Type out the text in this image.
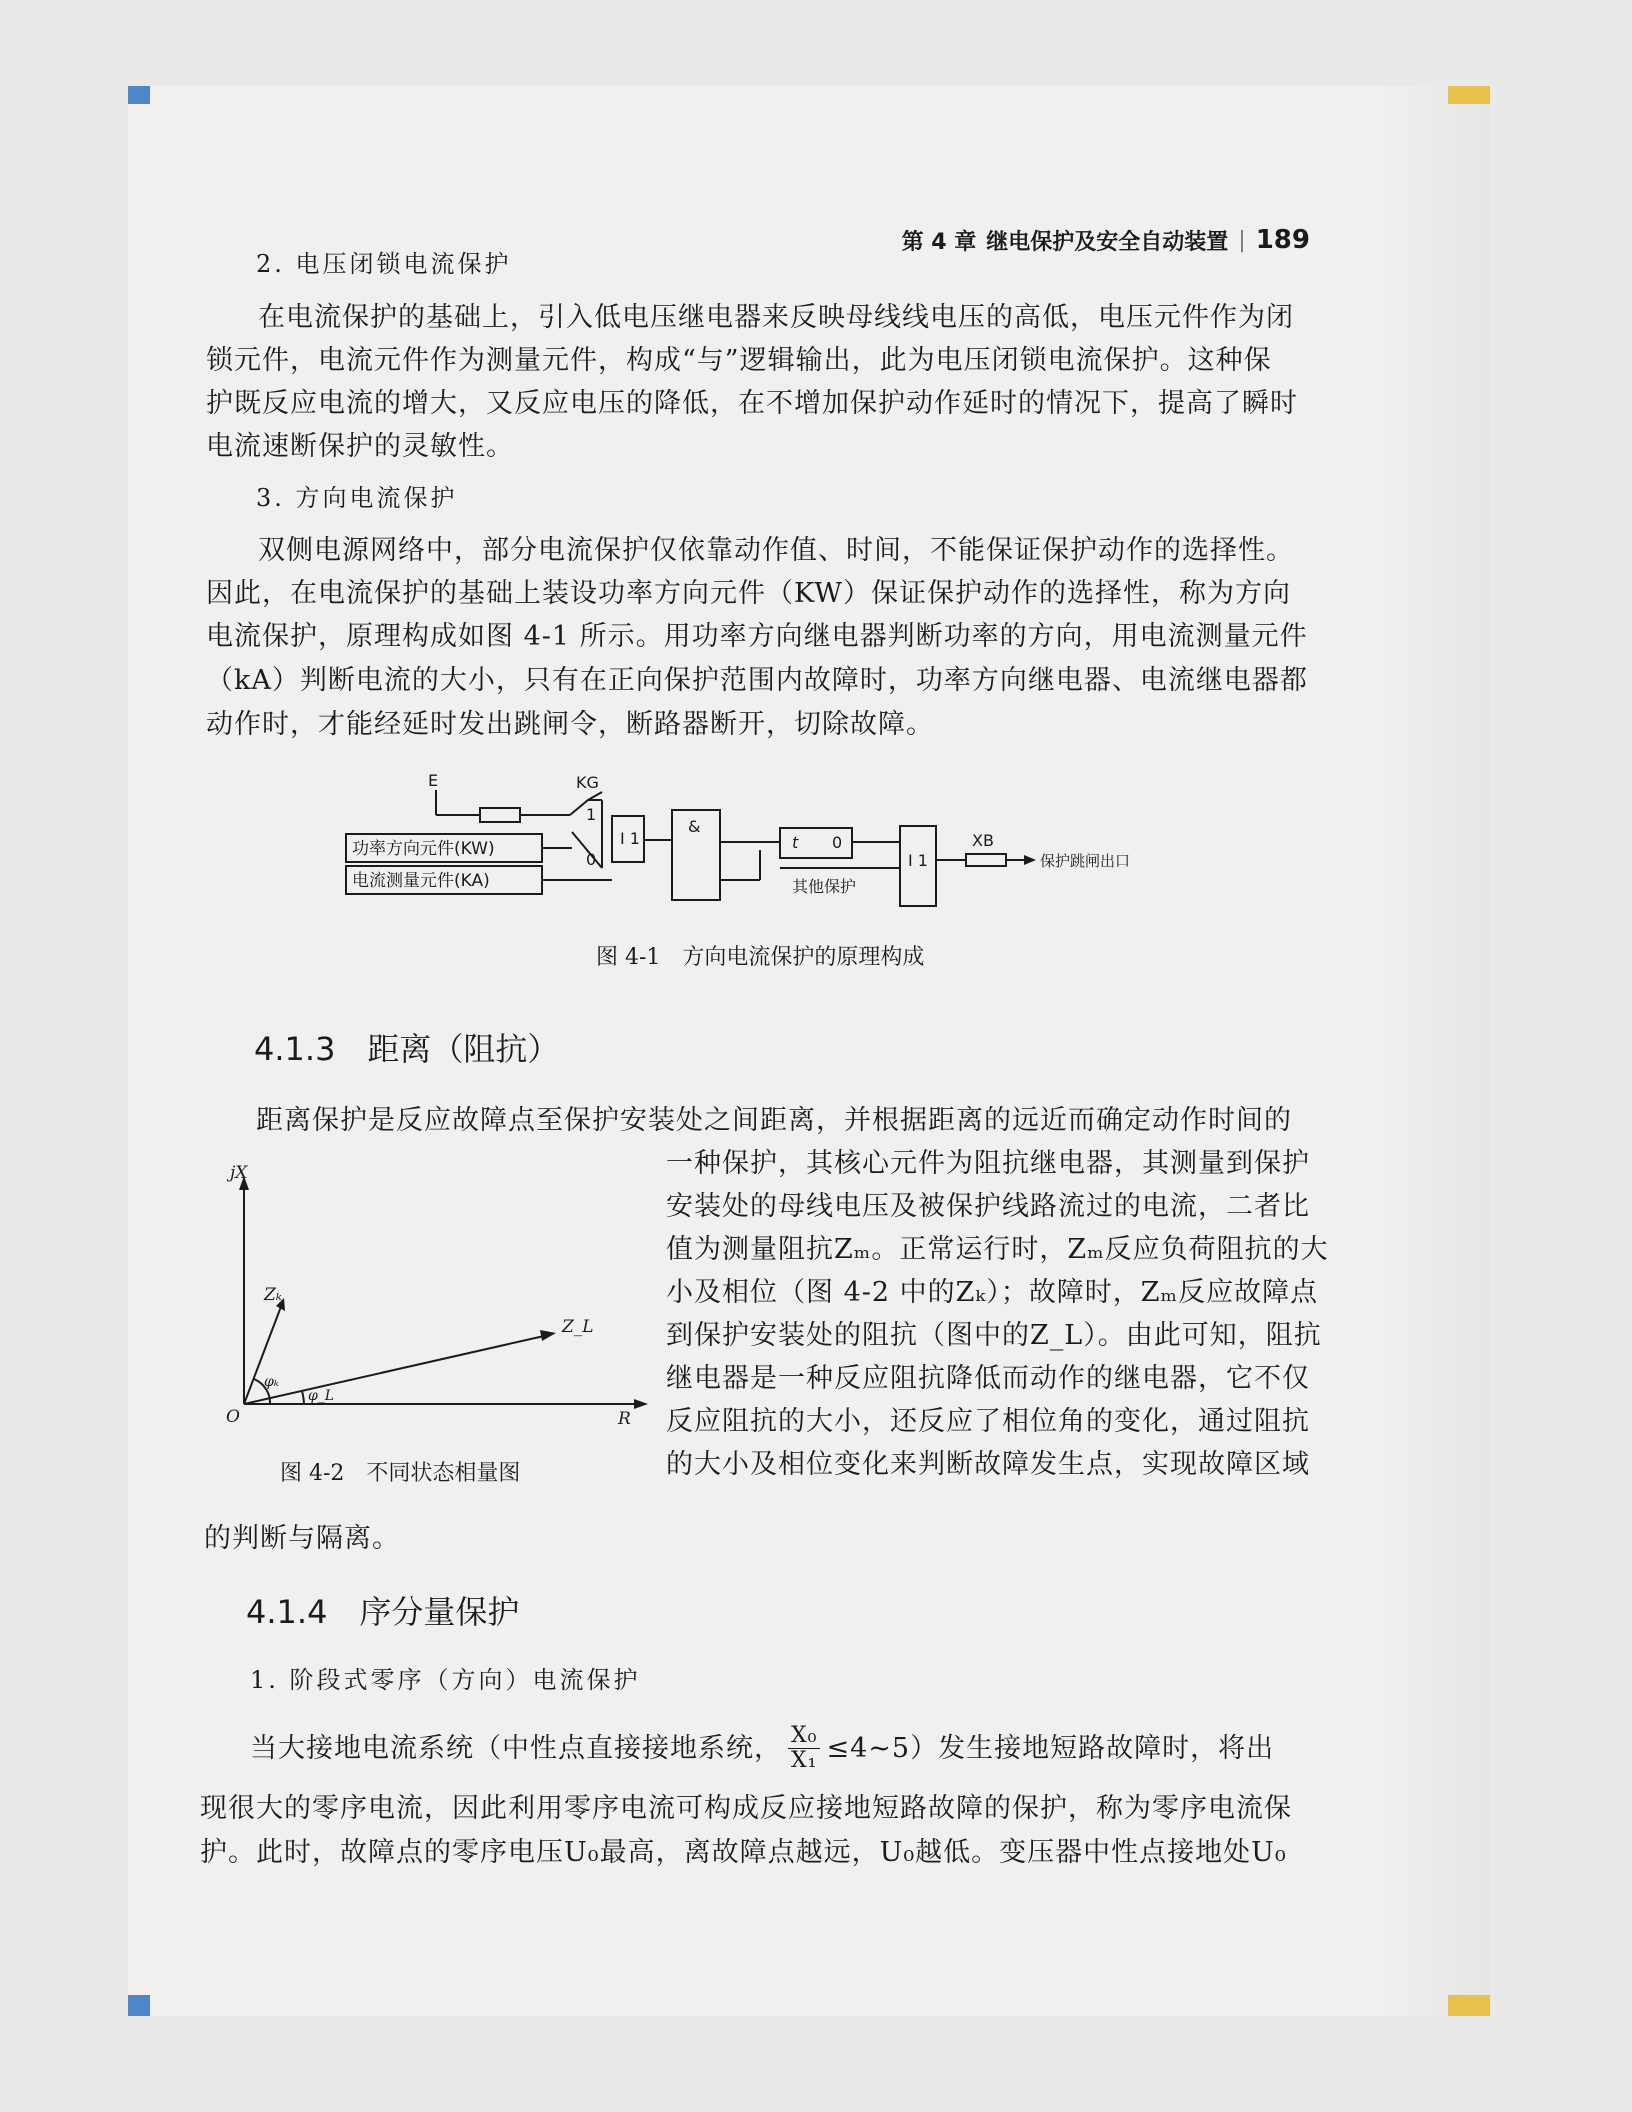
第 4 章 继电保护及安全自动装置 | 189
2. 电压闭锁电流保护
在电流保护的基础上，引入低电压继电器来反映母线线电压的高低，电压元件作为闭
锁元件，电流元件作为测量元件，构成“与”逻辑输出，此为电压闭锁电流保护。这种保
护既反应电流的增大，又反应电压的降低，在不增加保护动作延时的情况下，提高了瞬时
电流速断保护的灵敏性。
3. 方向电流保护
双侧电源网络中，部分电流保护仅依靠动作值、时间，不能保证保护动作的选择性。
因此，在电流保护的基础上装设功率方向元件（KW）保证保护动作的选择性，称为方向
电流保护，原理构成如图 4-1 所示。用功率方向继电器判断功率的方向，用电流测量元件
（kA）判断电流的大小，只有在正向保护范围内故障时，功率方向继电器、电流继电器都
动作时，才能经延时发出跳闸令，断路器断开，切除故障。
E	KG
1
0
I 1
功率方向元件(KW)
电流测量元件(KA)
&
t 0
其他保护
I 1
XB
保护跳闸出口
图 4-1　方向电流保护的原理构成
4.1.3　距离（阻抗）
距离保护是反应故障点至保护安装处之间距离，并根据距离的远近而确定动作时间的
一种保护，其核心元件为阻抗继电器，其测量到保护
安装处的母线电压及被保护线路流过的电流，二者比
值为测量阻抗Zₘ。正常运行时，Zₘ反应负荷阻抗的大
小及相位（图 4-2 中的Zₖ）；故障时，Zₘ反应故障点
到保护安装处的阻抗（图中的Z_L）。由此可知，阻抗
继电器是一种反应阻抗降低而动作的继电器，它不仅
反应阻抗的大小，还反应了相位角的变化，通过阻抗
的大小及相位变化来判断故障发生点，实现故障区域
的判断与隔离。
jX
Zₖ
Z_L
R
O
φₖ
φ_L
图 4-2　不同状态相量图
4.1.4　序分量保护
1. 阶段式零序（方向）电流保护
当大接地电流系统（中性点直接接地系统， $\frac{\text{X₀}}{\text{X₁}}$ ≤4~5）发生接地短路故障时，将出
现很大的零序电流，因此利用零序电流可构成反应接地短路故障的保护，称为零序电流保
护。此时，故障点的零序电压U₀最高，离故障点越远，U₀越低。变压器中性点接地处U₀
